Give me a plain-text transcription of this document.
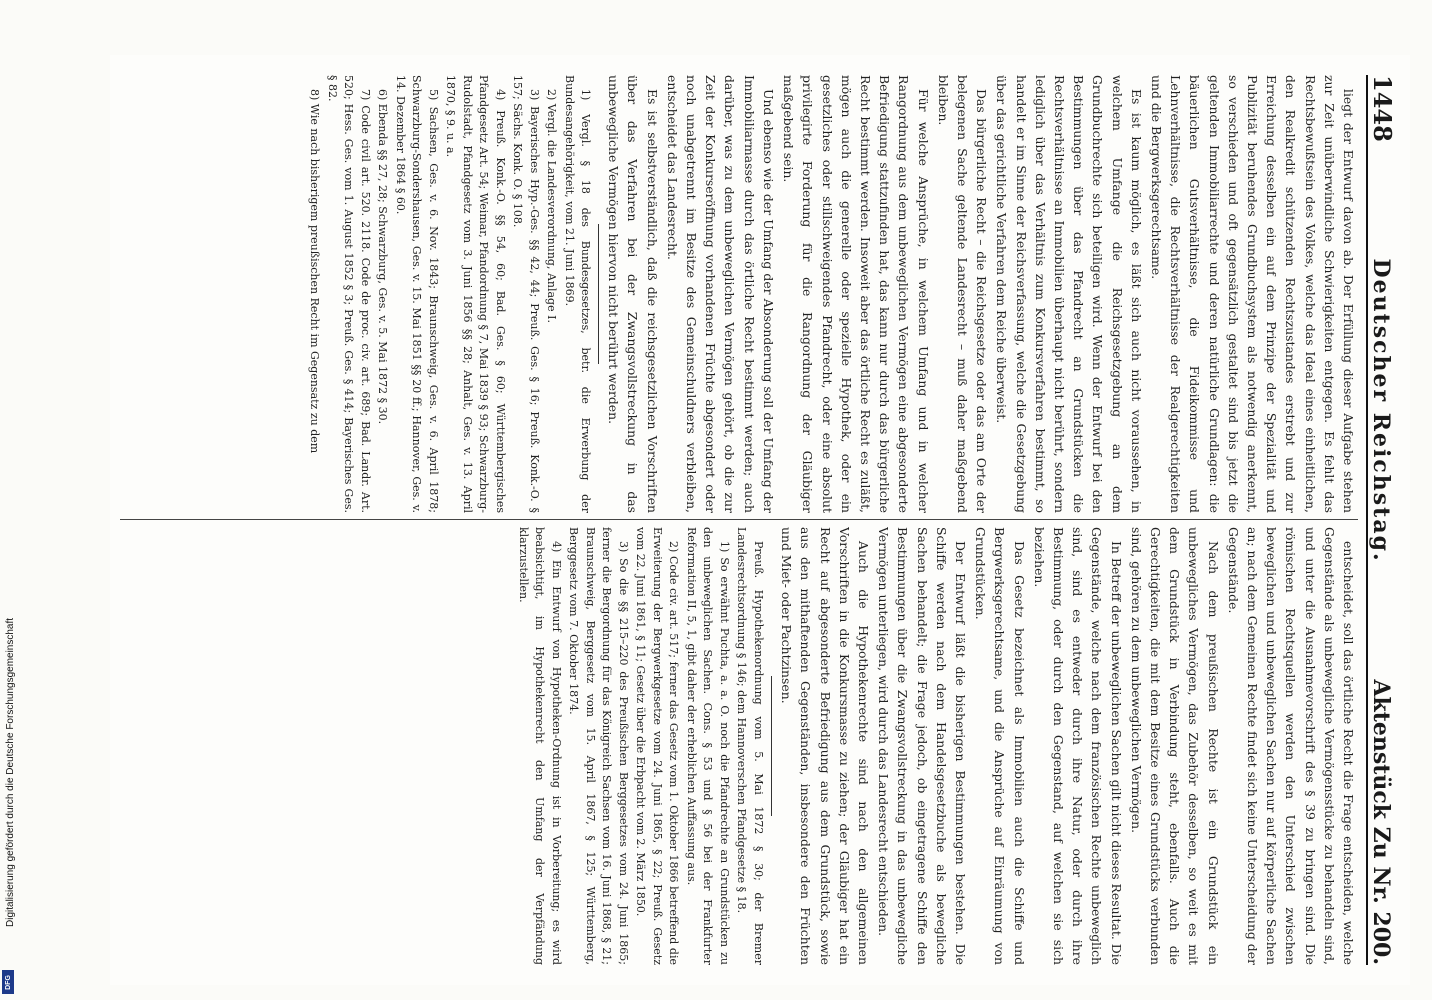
1448
Deutscher Reichstag.
Aktenstück Zu Nr. 200.

liegt der Entwurf davon ab. Der Erfüllung dieser Aufgabe stehen zur Zeit unüberwindliche Schwierigkeiten entgegen. Es fehlt das Rechtsbewußtsein des Volkes, welche das Ideal eines einheitlichen, den Realkredit schützenden Rechtszustandes erstrebt und zur Erreichung desselben ein auf dem Prinzipe der Spezialität und Publizität beruhendes Grundbuchsystem als notwendig anerkennt, so verschieden und oft gegensätzlich gestaltet sind bis jetzt die geltenden Immobiliarrechte und deren natürliche Grundlagen: die bäuerlichen Gutsverhältnisse, die Fideikommisse und Lehnverhältnisse, die Rechtsverhältnisse der Realgerechtigkeiten und die Bergwerksgerechtsame.

Es ist kaum möglich, es läßt sich auch nicht voraussehen, in welchem Umfange die Reichsgesetzgebung an dem Grundbuchrechte sich beteiligen wird. Wenn der Entwurf bei den Bestimmungen über das Pfandrecht an Grundstücken die Rechtsverhältnisse an Immobilien überhaupt nicht berührt, sondern lediglich über das Verhältnis zum Konkursverfahren bestimmt, so handelt er im Sinne der Reichsverfassung, welche die Gesetzgebung über das gerichtliche Verfahren dem Reiche überweist.

Das bürgerliche Recht – die Reichsgesetze oder das am Orte der belegenen Sache geltende Landesrecht – muß daher maßgebend bleiben.

Für welche Ansprüche, in welchem Umfang und in welcher Rangordnung aus dem unbeweglichen Vermögen eine abgesonderte Befriedigung stattzufinden hat, das kann nur durch das bürgerliche Recht bestimmt werden. Insoweit aber das örtliche Recht es zuläßt, mögen auch die generelle oder spezielle Hypothek, oder ein gesetzliches oder stillschweigendes Pfandrecht, oder eine absolut privilegirte Forderung für die Rangordnung der Gläubiger maßgebend sein.

Und ebenso wie der Umfang der Absonderung soll der Umfang der Immobiliarmasse durch das örtliche Recht bestimmt werden; auch darüber, was zu dem unbeweglichen Vermögen gehört, ob die zur Zeit der Konkurseröffnung vorhandenen Früchte abgesondert oder noch unabgetrennt im Besitze des Gemeinschuldners verbleiben, entscheidet das Landesrecht.

Es ist selbstverständlich, daß die reichsgesetzlichen Vorschriften über das Verfahren bei der Zwangsvollstreckung in das unbewegliche Vermögen hiervon nicht berührt werden.

1) Vergl. § 18 des Bundesgesetzes, betr. die Erwerbung der Bundesangehörigkeit, vom 21. Juni 1869.

2) Vergl. die Landesverordnung, Anlage I.

3) Bayerisches Hyp.-Ges. §§ 42, 44; Preuß. Ges. § 16; Preuß. Konk.-O. § 157; Sächs. Konk. O. § 108.

4) Preuß. Konk.-O. §§ 54, 60; Bad. Ges. § 60; Württembergisches Pfandgesetz Art. 54; Weimar, Pfandordnung § 7, Mai 1839 § 93; Schwarzburg-Rudolstadt, Pfandgesetz vom 3. Juni 1856 §§ 28; Anhalt, Ges. v. 13. April 1870, § 9. u. a.

5) Sachsen, Ges. v. 6. Nov. 1843; Braunschweig, Ges. v. 6. April 1878; Schwarzburg-Sondershausen, Ges. v. 15. Mai 1851 §§ 20 ff.; Hannover, Ges. v. 14. Dezember 1864 § 60.

6) Ebenda §§ 27, 28; Schwarzburg, Ges. v. 5. Mai 1872 § 30.

7) Code civil art. 520. 2118. Code de proc. civ. art. 689; Bad. Landr. Art. 520; Hess. Ges. vom 1. August 1852 § 3; Preuß. Ges. § 414; Bayerisches Ges. § 82.

8) Wie nach bisherigem preußischen Recht im Gegensatz zu dem

entscheidet, soll das örtliche Recht die Frage entscheiden, welche Gegenstände als unbewegliche Vermögensstücke zu behandeln sind, und unter die Ausnahmevorschrift des § 39 zu bringen sind. Die römischen Rechtsquellen werden den Unterschied zwischen beweglichen und unbeweglichen Sachen nur auf körperliche Sachen an; nach dem Gemeinen Rechte findet sich keine Unterscheidung der Gegenstände.

Nach dem preußischen Rechte ist ein Grundstück ein unbewegliches Vermögen, das Zubehör desselben, so weit es mit dem Grundstück in Verbindung steht, ebenfalls. Auch die Gerechtigkeiten, die mit dem Besitze eines Grundstücks verbunden sind, gehören zu dem unbeweglichen Vermögen.

In Betreff der unbeweglichen Sachen gilt nicht dieses Resultat. Die Gegenstände, welche nach dem französischen Rechte unbeweglich sind, sind es entweder durch ihre Natur, oder durch ihre Bestimmung, oder durch den Gegenstand, auf welchen sie sich beziehen.

Das Gesetz bezeichnet als Immobilien auch die Schiffe und Bergwerksgerechtsame, und die Ansprüche auf Einräumung von Grundstücken.

Der Entwurf läßt die bisherigen Bestimmungen bestehen. Die Schiffe werden nach dem Handelsgesetzbuche als bewegliche Sachen behandelt; die Frage jedoch, ob eingetragene Schiffe den Bestimmungen über die Zwangsvollstreckung in das unbewegliche Vermögen unterliegen, wird durch das Landesrecht entschieden.

Auch die Hypothekenrechte sind nach den allgemeinen Vorschriften in die Konkursmasse zu ziehen; der Gläubiger hat ein Recht auf abgesonderte Befriedigung aus dem Grundstück, sowie aus den mithaftenden Gegenständen, insbesondere den Früchten und Miet- oder Pachtzinsen.

Preuß. Hypothekenordnung vom 5. Mai 1872 § 30; der Bremer Landesrechtsordnung § 146; dem Hannoverschen Pfandgesetze § 18.

1) So erwähnt Puchta, a. a. O. noch die Pfandrechte an Grundstücken zu den unbeweglichen Sachen. Cons. § 53 und § 56 bei der Frankfurter Reformation II, 5, 1, gibt daher der erheblichen Auffassung aus.

2) Code civ. art. 517; ferner das Gesetz vom 1. Oktober 1866 betreffend die Erweiterung der Bergwerkgesetze vom 24. Juni 1865, § 22; Preuß. Gesetz vom 22. Juni 1861, § 11; Gesetz über die Erbpacht vom 2. März 1850.

3) So die §§ 215–220 des Preußischen Berggesetzes vom 24. Juni 1865; ferner die Bergordnung für das Königreich Sachsen vom 16. Juni 1868, § 21; Braunschweig, Berggesetz vom 15. April 1867, § 125; Württemberg, Berggesetz vom 7. Oktober 1874.

4) Ein Entwurf von Hypotheken-Ordnung ist in Vorbereitung; es wird beabsichtigt, im Hypothekenrecht den Umfang der Verpfändung klarzustellen.

Digitalisierung gefördert durch die Deutsche Forschungsgemeinschaft
DFG
